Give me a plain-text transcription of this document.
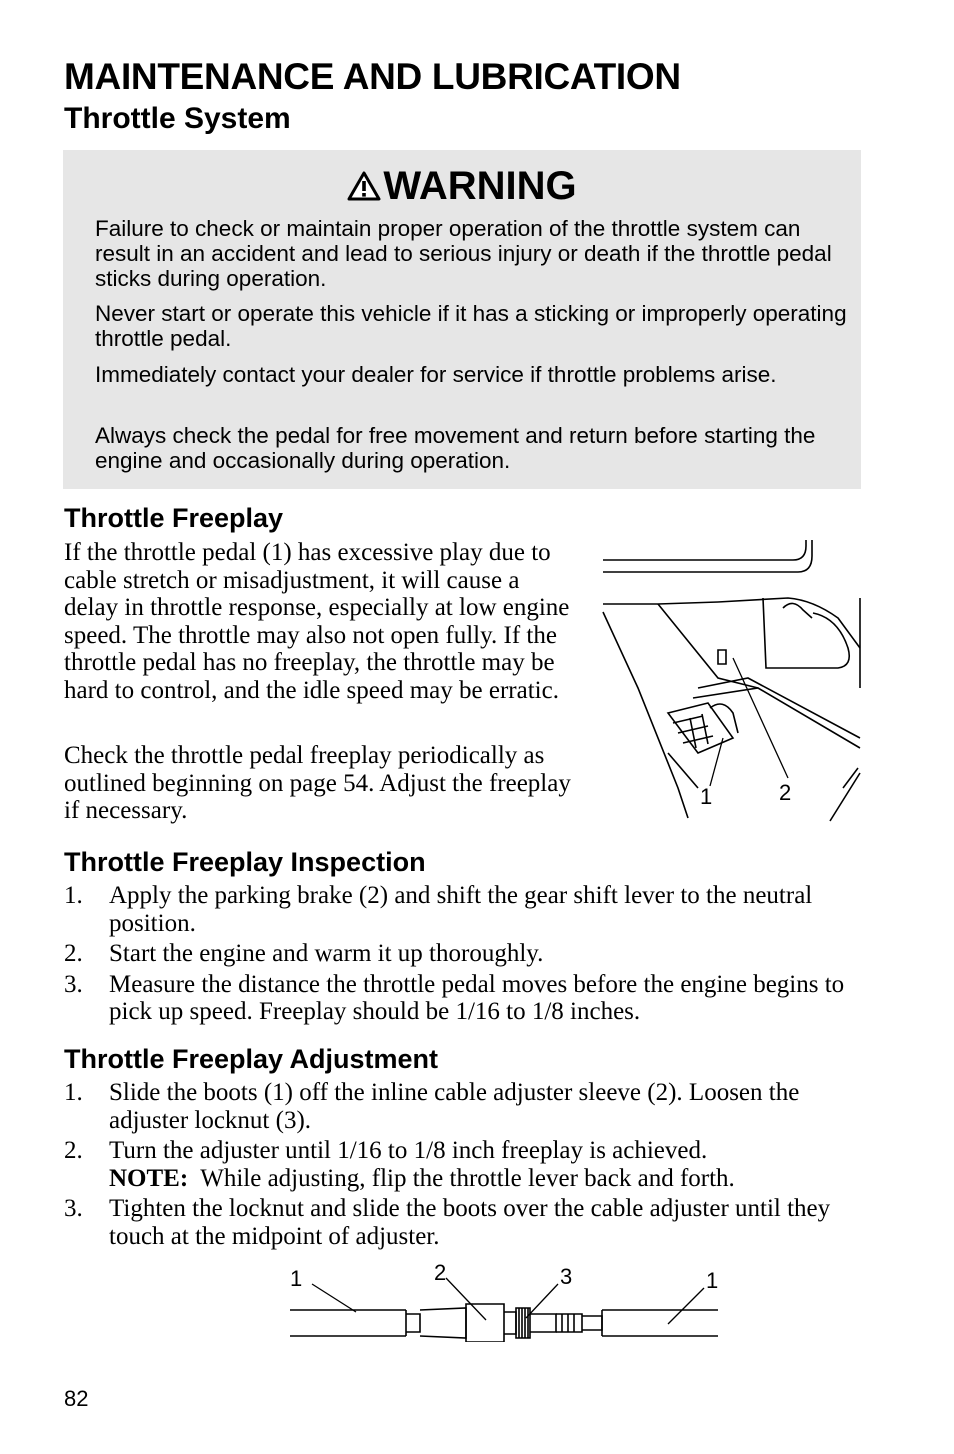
MAINTENANCE AND LUBRICATION
Throttle System
WARNING

Failure to check or maintain proper operation of the throttle system can result in an accident and lead to serious injury or death if the throttle pedal sticks during operation.

Never start or operate this vehicle if it has a sticking or improperly operating throttle pedal.

Immediately contact your dealer for service if throttle problems arise.

Always check the pedal for free movement and return before starting the engine and occasionally during operation.

Throttle Freeplay

If the throttle pedal (1) has excessive play due to cable stretch or misadjustment, it will cause a delay in throttle response, especially at low engine speed. The throttle may also not open fully. If the throttle pedal has no freeplay, the throttle may be hard to control, and the idle speed may be erratic.

Check the throttle pedal freeplay periodically as outlined beginning on page 54. Adjust the freeplay if necessary.

1	2
Throttle Freeplay Inspection
1. Apply the parking brake (2) and shift the gear shift lever to the neutral position.
2. Start the engine and warm it up thoroughly.
3. Measure the distance the throttle pedal moves before the engine begins to pick up speed. Freeplay should be 1/16 to 1/8 inches.
Throttle Freeplay Adjustment
1. Slide the boots (1) off the inline cable adjuster sleeve (2). Loosen the adjuster locknut (3).
2. Turn the adjuster until 1/16 to 1/8 inch freeplay is achieved.
NOTE: While adjusting, flip the throttle lever back and forth.
3. Tighten the locknut and slide the boots over the cable adjuster until they touch at the midpoint of adjuster.
1	2	3	1
82
